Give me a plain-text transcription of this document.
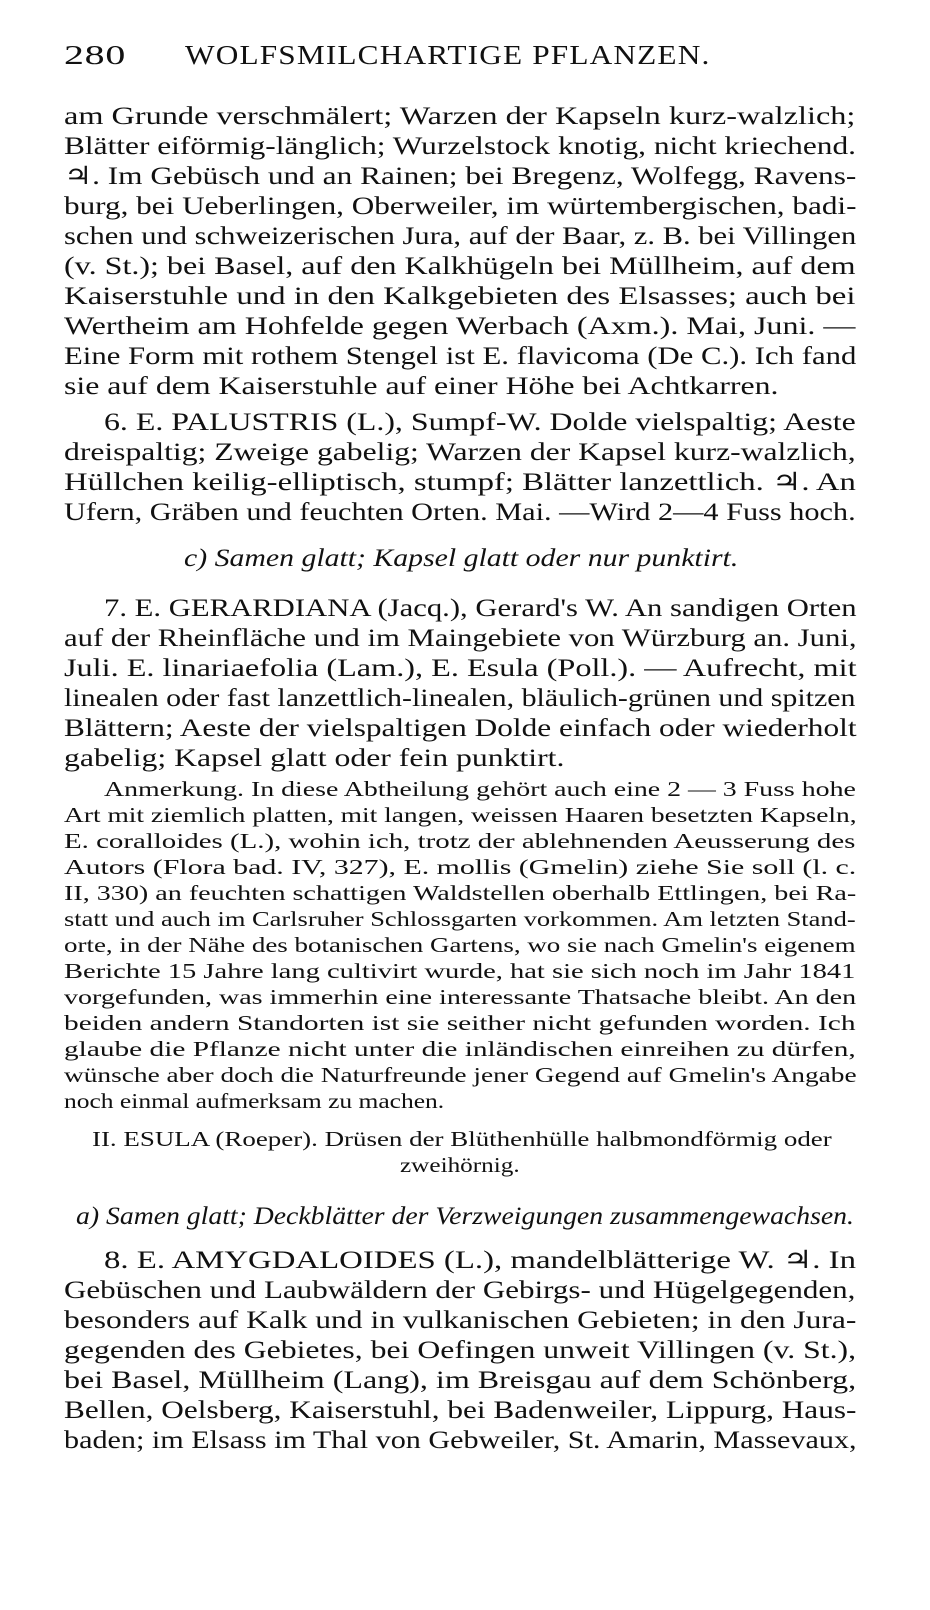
280 WOLFSMILCHARTIGE PFLANZEN.
am Grunde verschmälert; Warzen der Kapseln kurz-walzlich;
Blätter eiförmig-länglich; Wurzelstock knotig, nicht kriechend.
♃. Im Gebüsch und an Rainen; bei Bregenz, Wolfegg, Ravens-
burg, bei Ueberlingen, Oberweiler, im würtembergischen, badi-
schen und schweizerischen Jura, auf der Baar, z. B. bei Villingen
(v. St.); bei Basel, auf den Kalkhügeln bei Müllheim, auf dem
Kaiserstuhle und in den Kalkgebieten des Elsasses; auch bei
Wertheim am Hohfelde gegen Werbach (Axm.). Mai, Juni. —
Eine Form mit rothem Stengel ist E. flavicoma (De C.). Ich fand
sie auf dem Kaiserstuhle auf einer Höhe bei Achtkarren.
6. E. PALUSTRIS (L.), Sumpf-W. Dolde vielspaltig; Aeste
dreispaltig; Zweige gabelig; Warzen der Kapsel kurz-walzlich,
Hüllchen keilig-elliptisch, stumpf; Blätter lanzettlich. ♃. An
Ufern, Gräben und feuchten Orten. Mai. —Wird 2—4 Fuss hoch.
c) Samen glatt; Kapsel glatt oder nur punktirt.
7. E. GERARDIANA (Jacq.), Gerard's W. An sandigen Orten
auf der Rheinfläche und im Maingebiete von Würzburg an. Juni,
Juli. E. linariaefolia (Lam.), E. Esula (Poll.). — Aufrecht, mit
linealen oder fast lanzettlich-linealen, bläulich-grünen und spitzen
Blättern; Aeste der vielspaltigen Dolde einfach oder wiederholt
gabelig; Kapsel glatt oder fein punktirt.
Anmerkung. In diese Abtheilung gehört auch eine 2 — 3 Fuss hohe
Art mit ziemlich platten, mit langen, weissen Haaren besetzten Kapseln,
E. coralloides (L.), wohin ich, trotz der ablehnenden Aeusserung des
Autors (Flora bad. IV, 327), E. mollis (Gmelin) ziehe Sie soll (l. c.
II, 330) an feuchten schattigen Waldstellen oberhalb Ettlingen, bei Ra-
statt und auch im Carlsruher Schlossgarten vorkommen. Am letzten Stand-
orte, in der Nähe des botanischen Gartens, wo sie nach Gmelin's eigenem
Berichte 15 Jahre lang cultivirt wurde, hat sie sich noch im Jahr 1841
vorgefunden, was immerhin eine interessante Thatsache bleibt. An den
beiden andern Standorten ist sie seither nicht gefunden worden. Ich
glaube die Pflanze nicht unter die inländischen einreihen zu dürfen,
wünsche aber doch die Naturfreunde jener Gegend auf Gmelin's Angabe
noch einmal aufmerksam zu machen.
II. ESULA (Roeper). Drüsen der Blüthenhülle halbmondförmig oder
zweihörnig.
a) Samen glatt; Deckblätter der Verzweigungen zusammengewachsen.
8. E. AMYGDALOIDES (L.), mandelblätterige W. ♃. In
Gebüschen und Laubwäldern der Gebirgs- und Hügelgegenden,
besonders auf Kalk und in vulkanischen Gebieten; in den Jura-
gegenden des Gebietes, bei Oefingen unweit Villingen (v. St.),
bei Basel, Müllheim (Lang), im Breisgau auf dem Schönberg,
Bellen, Oelsberg, Kaiserstuhl, bei Badenweiler, Lippurg, Haus-
baden; im Elsass im Thal von Gebweiler, St. Amarin, Massevaux,
